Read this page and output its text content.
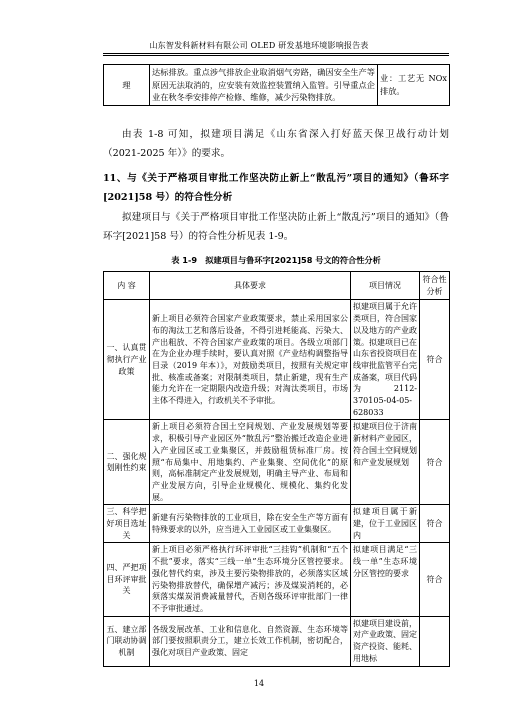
山东智发科新材料有限公司 OLED 研发基地环境影响报告表
理	达标排放。重点涉气排放企业取消烟气旁路，确因安全生产等原因无法取消的，应安装有效监控装置纳入监管。引导重点企业在秋冬季安排停产检修、维修，减少污染物排放。	业：工艺无 NOx 排放。
由表 1-8 可知，拟建项目满足《山东省深入打好蓝天保卫战行动计划（2021-2025 年）》的要求。
11、与《关于严格项目审批工作坚决防止新上“散乱污”项目的通知》（鲁环字[2021]58 号）的符合性分析
拟建项目与《关于严格项目审批工作坚决防止新上“散乱污”项目的通知》（鲁环字[2021]58 号）的符合性分析见表 1-9。
表 1-9　拟建项目与鲁环字[2021]58 号文的符合性分析
内 容	具体要求	项目情况	符合性分析
一、认真贯彻执行产业政策	新上项目必须符合国家产业政策要求，禁止采用国家公布的淘汰工艺和落后设备，不得引进耗能高、污染大、产出粗放、不符合国家产业政策的项目。各级立项部门在为企业办理手续时，要认真对照《产业结构调整指导目录（2019 年本）》，对鼓励类项目，按照有关规定审批、核准或备案；对限制类项目，禁止新建，现有生产能力允许在一定期限内改造升级；对淘汰类项目，市场主体不得进入，行政机关不予审批。	拟建项目属于允许类项目，符合国家以及地方的产业政策。拟建项目已在山东省投资项目在线审批监管平台完成备案，项目代码为 2112-370105-04-05-628033	符合
二、强化规划刚性约束	新上项目必须符合国土空间规划、产业发展规划等要求，积极引导产业园区外“散乱污”整治搬迁改造企业进入产业园区或工业集聚区，并鼓励租赁标准厂房。按照“布局集中、用地集约、产业集聚、空间优化”的原则，高标准制定产业发展规划，明确主导产业、布局和产业发展方向，引导企业规模化、规模化、集约化发展。	拟建项目位于济南新材料产业园区，符合国土空间规划和产业发展规划	符合
三、科学把好项目选址关	新建有污染物排放的工业项目，除在安全生产等方面有特殊要求的以外，应当进入工业园区或工业集聚区。	拟建项目属于新建，位于工业园区内	符合
四、严把项目环评审批关	新上项目必须严格执行环评审批“三挂钩”机制和“五个不批”要求，落实“三线一单”生态环境分区管控要求。强化替代约束，涉及主要污染物排放的，必须落实区域污染物排放替代，确保增产减污；涉及煤炭消耗的，必须落实煤炭消费减量替代，否则各级环评审批部门一律不予审批通过。	拟建项目满足“三线一单”生态环境分区管控的要求	符合
五、建立部门联动协调机制	各级发展改革、工业和信息化、自然资源、生态环境等部门要按照职责分工，建立长效工作机制，密切配合，强化对项目产业政策、固定	拟建项目建设前，对产业政策、固定资产投资、能耗、用地标	
14
